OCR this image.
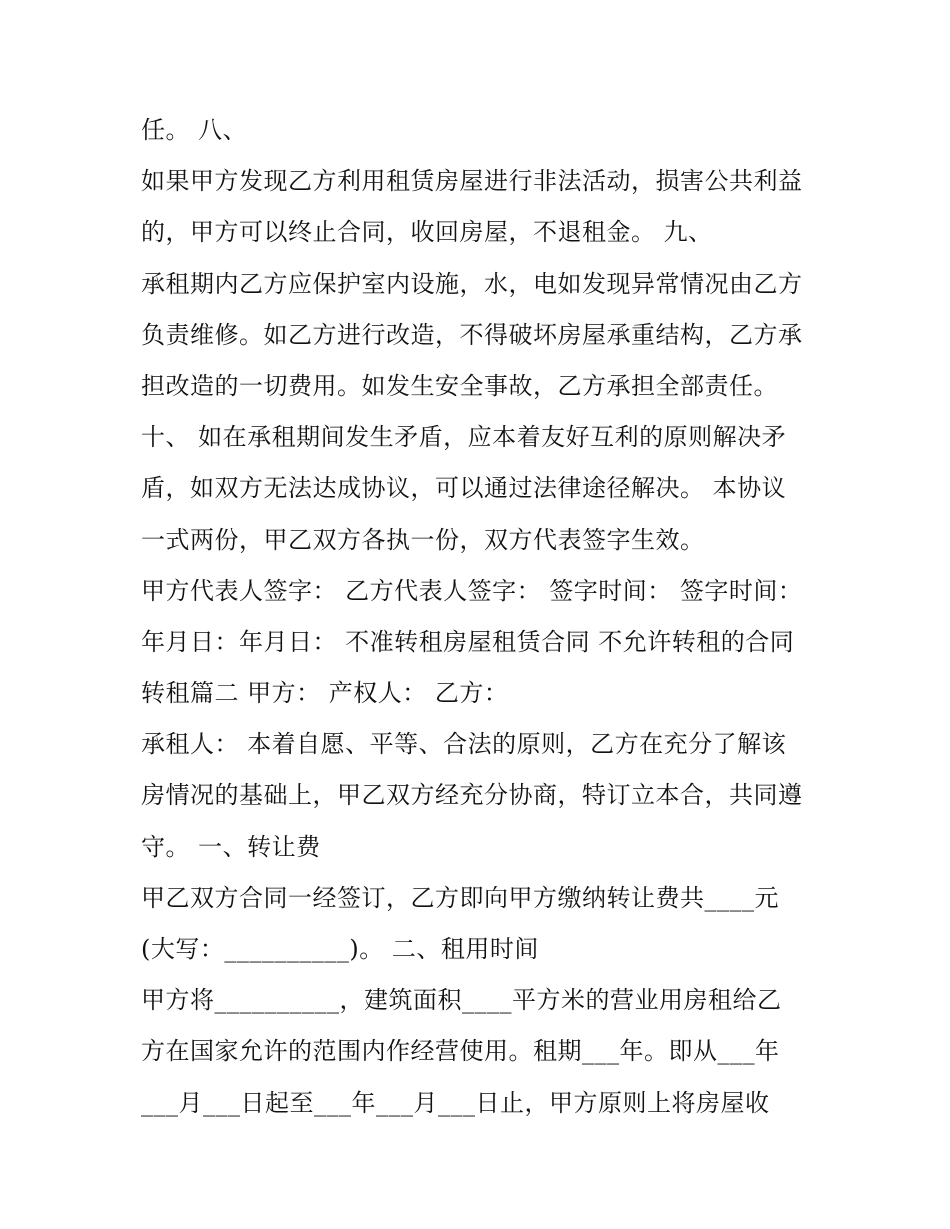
任。 八、
如果甲方发现乙方利用租赁房屋进行非法活动，损害公共利益
的，甲方可以终止合同，收回房屋，不退租金。 九、
承租期内乙方应保护室内设施，水，电如发现异常情况由乙方
负责维修。如乙方进行改造，不得破坏房屋承重结构，乙方承
担改造的一切费用。如发生安全事故，乙方承担全部责任。
十、 如在承租期间发生矛盾，应本着友好互利的原则解决矛
盾，如双方无法达成协议，可以通过法律途径解决。 本协议
一式两份，甲乙双方各执一份，双方代表签字生效。
甲方代表人签字： 乙方代表人签字： 签字时间： 签字时间：
年月日：年月日： 不准转租房屋租赁合同 不允许转租的合同
转租篇二 甲方： 产权人： 乙方：
承租人： 本着自愿、平等、合法的原则，乙方在充分了解该
房情况的基础上，甲乙双方经充分协商，特订立本合，共同遵
守。 一、转让费
甲乙双方合同一经签订，乙方即向甲方缴纳转让费共____元
(大写：__________)。 二、租用时间
甲方将__________，建筑面积____平方米的营业用房租给乙
方在国家允许的范围内作经营使用。租期___年。即从___年
___月___日起至___年___月___日止，甲方原则上将房屋收
